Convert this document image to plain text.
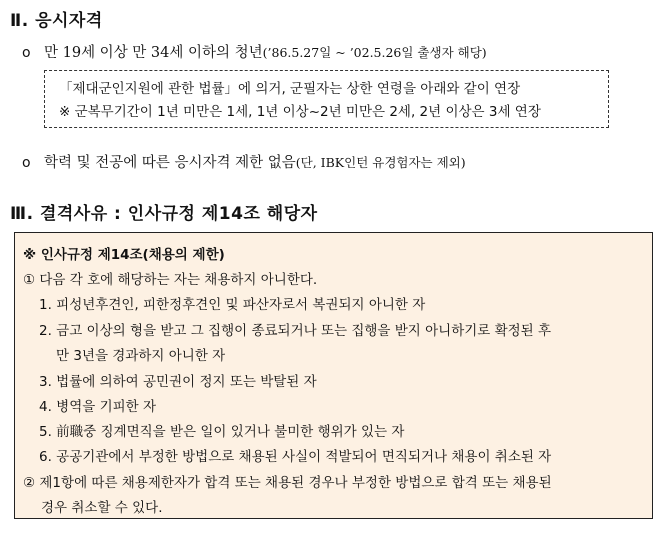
Ⅱ. 응시자격
o 만 19세 이상 만 34세 이하의 청년(’86.5.27일 ~ ’02.5.26일 출생자 해당)
「제대군인지원에 관한 법률」에 의거, 군필자는 상한 연령을 아래와 같이 연장
※ 군복무기간이 1년 미만은 1세, 1년 이상~2년 미만은 2세, 2년 이상은 3세 연장
o 학력 및 전공에 따른 응시자격 제한 없음(단, IBK인턴 유경험자는 제외)
Ⅲ. 결격사유 : 인사규정 제14조 해당자
※ 인사규정 제14조(채용의 제한)
① 다음 각 호에 해당하는 자는 채용하지 아니한다.
1. 피성년후견인, 피한정후견인 및 파산자로서 복권되지 아니한 자
2. 금고 이상의 형을 받고 그 집행이 종료되거나 또는 집행을 받지 아니하기로 확정된 후
만 3년을 경과하지 아니한 자
3. 법률에 의하여 공민권이 정지 또는 박탈된 자
4. 병역을 기피한 자
5. 前職중 징계면직을 받은 일이 있거나 불미한 행위가 있는 자
6. 공공기관에서 부정한 방법으로 채용된 사실이 적발되어 면직되거나 채용이 취소된 자
② 제1항에 따른 채용제한자가 합격 또는 채용된 경우나 부정한 방법으로 합격 또는 채용된
경우 취소할 수 있다.
